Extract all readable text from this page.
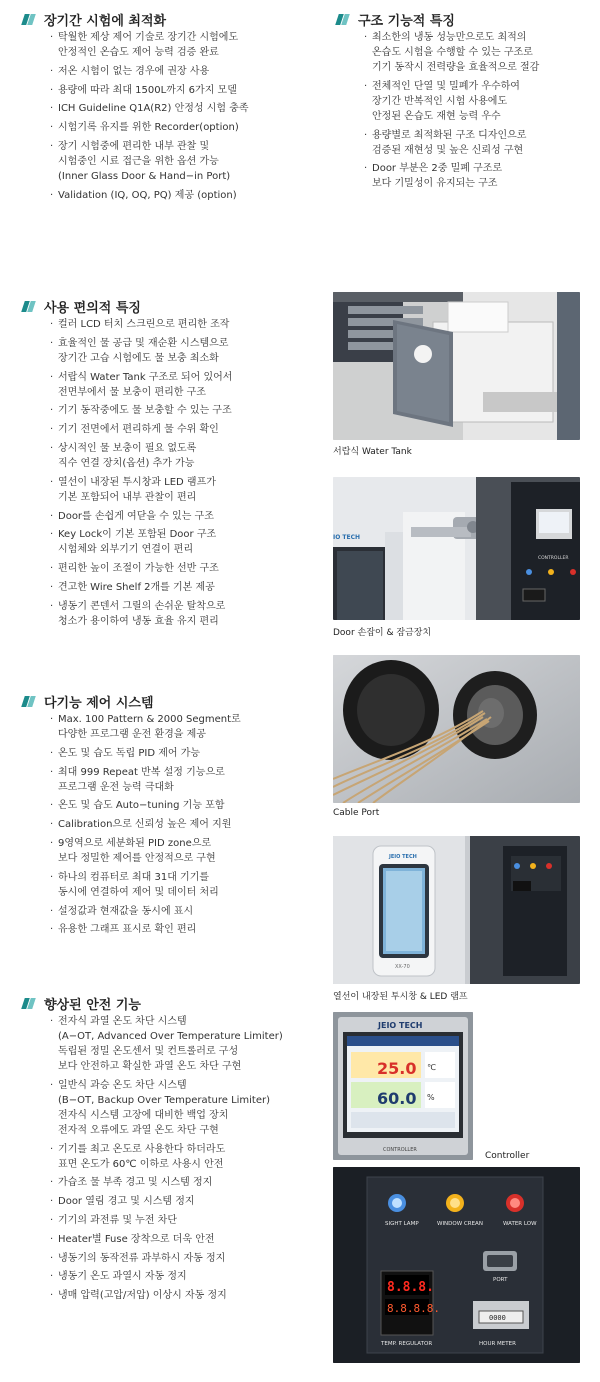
장기간 시험에 최적화
· 탁월한 제상 제어 기술로 장기간 시험에도
안정적인 온습도 제어 능력 검증 완료
· 저온 시험이 없는 경우에 권장 사용
· 용량에 따라 최대 1500L까지 6가지 모델
· ICH Guideline Q1A(R2) 안정성 시험 충족
· 시험기록 유지를 위한 Recorder(option)
· 장기 시험중에 편리한 내부 관찰 및
시험중인 시료 접근을 위한 옵션 가능
(Inner Glass Door & Hand−in Port)
· Validation (IQ, OQ, PQ) 제공 (option)
구조 기능적 특징
· 최소한의 냉동 성능만으로도 최적의
온습도 시험을 수행할 수 있는 구조로
기기 동작시 전력량을 효율적으로 절감
· 전체적인 단열 및 밀폐가 우수하여
장기간 반복적인 시험 사용에도
안정된 온습도 재현 능력 우수
· 용량별로 최적화된 구조 디자인으로
검증된 재현성 및 높은 신뢰성 구현
· Door 부분은 2중 밀폐 구조로
보다 기밀성이 유지되는 구조
사용 편의적 특징
· 컬러 LCD 터치 스크린으로 편리한 조작
· 효율적인 물 공급 및 재순환 시스템으로
장기간 고습 시험에도 물 보충 최소화
· 서랍식 Water Tank 구조로 되어 있어서
전면부에서 물 보충이 편리한 구조
· 기기 동작중에도 물 보충할 수 있는 구조
· 기기 전면에서 편리하게 물 수위 확인
· 상시적인 물 보충이 필요 없도록
직수 연결 장치(옵션) 추가 가능
· 열선이 내장된 투시창과 LED 램프가
기본 포함되어 내부 관찰이 편리
· Door를 손쉽게 여닫을 수 있는 구조
· Key Lock이 기본 포함된 Door 구조
시험체와 외부기기 연결이 편리
· 편리한 높이 조절이 가능한 선반 구조
· 견고한 Wire Shelf 2개를 기본 제공
· 냉동기 콘덴서 그릴의 손쉬운 탈착으로
청소가 용이하여 냉동 효율 유지 편리
다기능 제어 시스템
· Max. 100 Pattern & 2000 Segment로
다양한 프로그램 운전 환경을 제공
· 온도 및 습도 독립 PID 제어 가능
· 최대 999 Repeat 반복 설정 기능으로
프로그램 운전 능력 극대화
· 온도 및 습도 Auto−tuning 기능 포함
· Calibration으로 신뢰성 높은 제어 지원
· 9영역으로 세분화된 PID zone으로
보다 정밀한 제어를 안정적으로 구현
· 하나의 컴퓨터로 최대 31대 기기를
동시에 연결하여 제어 및 데이터 처리
· 설정값과 현재값을 동시에 표시
· 유용한 그래프 표시로 확인 편리
향상된 안전 기능
· 전자식 과열 온도 차단 시스템
(A−OT, Advanced Over Temperature Limiter)
독립된 정밀 온도센서 및 컨트롤러로 구성
보다 안전하고 확실한 과열 온도 차단 구현
· 일반식 과승 온도 차단 시스템
(B−OT, Backup Over Temperature Limiter)
전자식 시스템 고장에 대비한 백업 장치
전자적 오류에도 과열 온도 차단 구현
· 기기를 최고 온도로 사용한다 하더라도
표면 온도가 60℃ 이하로 사용시 안전
· 가습조 물 부족 경고 및 시스템 정지
· Door 열림 경고 및 시스템 정지
· 기기의 과전류 및 누전 차단
· Heater별 Fuse 장착으로 더욱 안전
· 냉동기의 동작전류 과부하시 자동 정지
· 냉동기 온도 과열시 자동 정지
· 냉매 압력(고압/저압) 이상시 자동 정지
서랍식 Water Tank
IO TECH
CONTROLLER
Door 손잡이 & 잠금장치
Cable Port
JEIO TECH
XX-70
열선이 내장된 투시창 & LED 램프
JEIO TECH
25.0 ℃
60.0 %
CONTROLLER
Controller
SIGHT LAMP	WINDOW CREAN	WATER LOW
PORT
8.8.8.
8.8.8.8.
TEMP. REGULATOR
0000
HOUR METER
